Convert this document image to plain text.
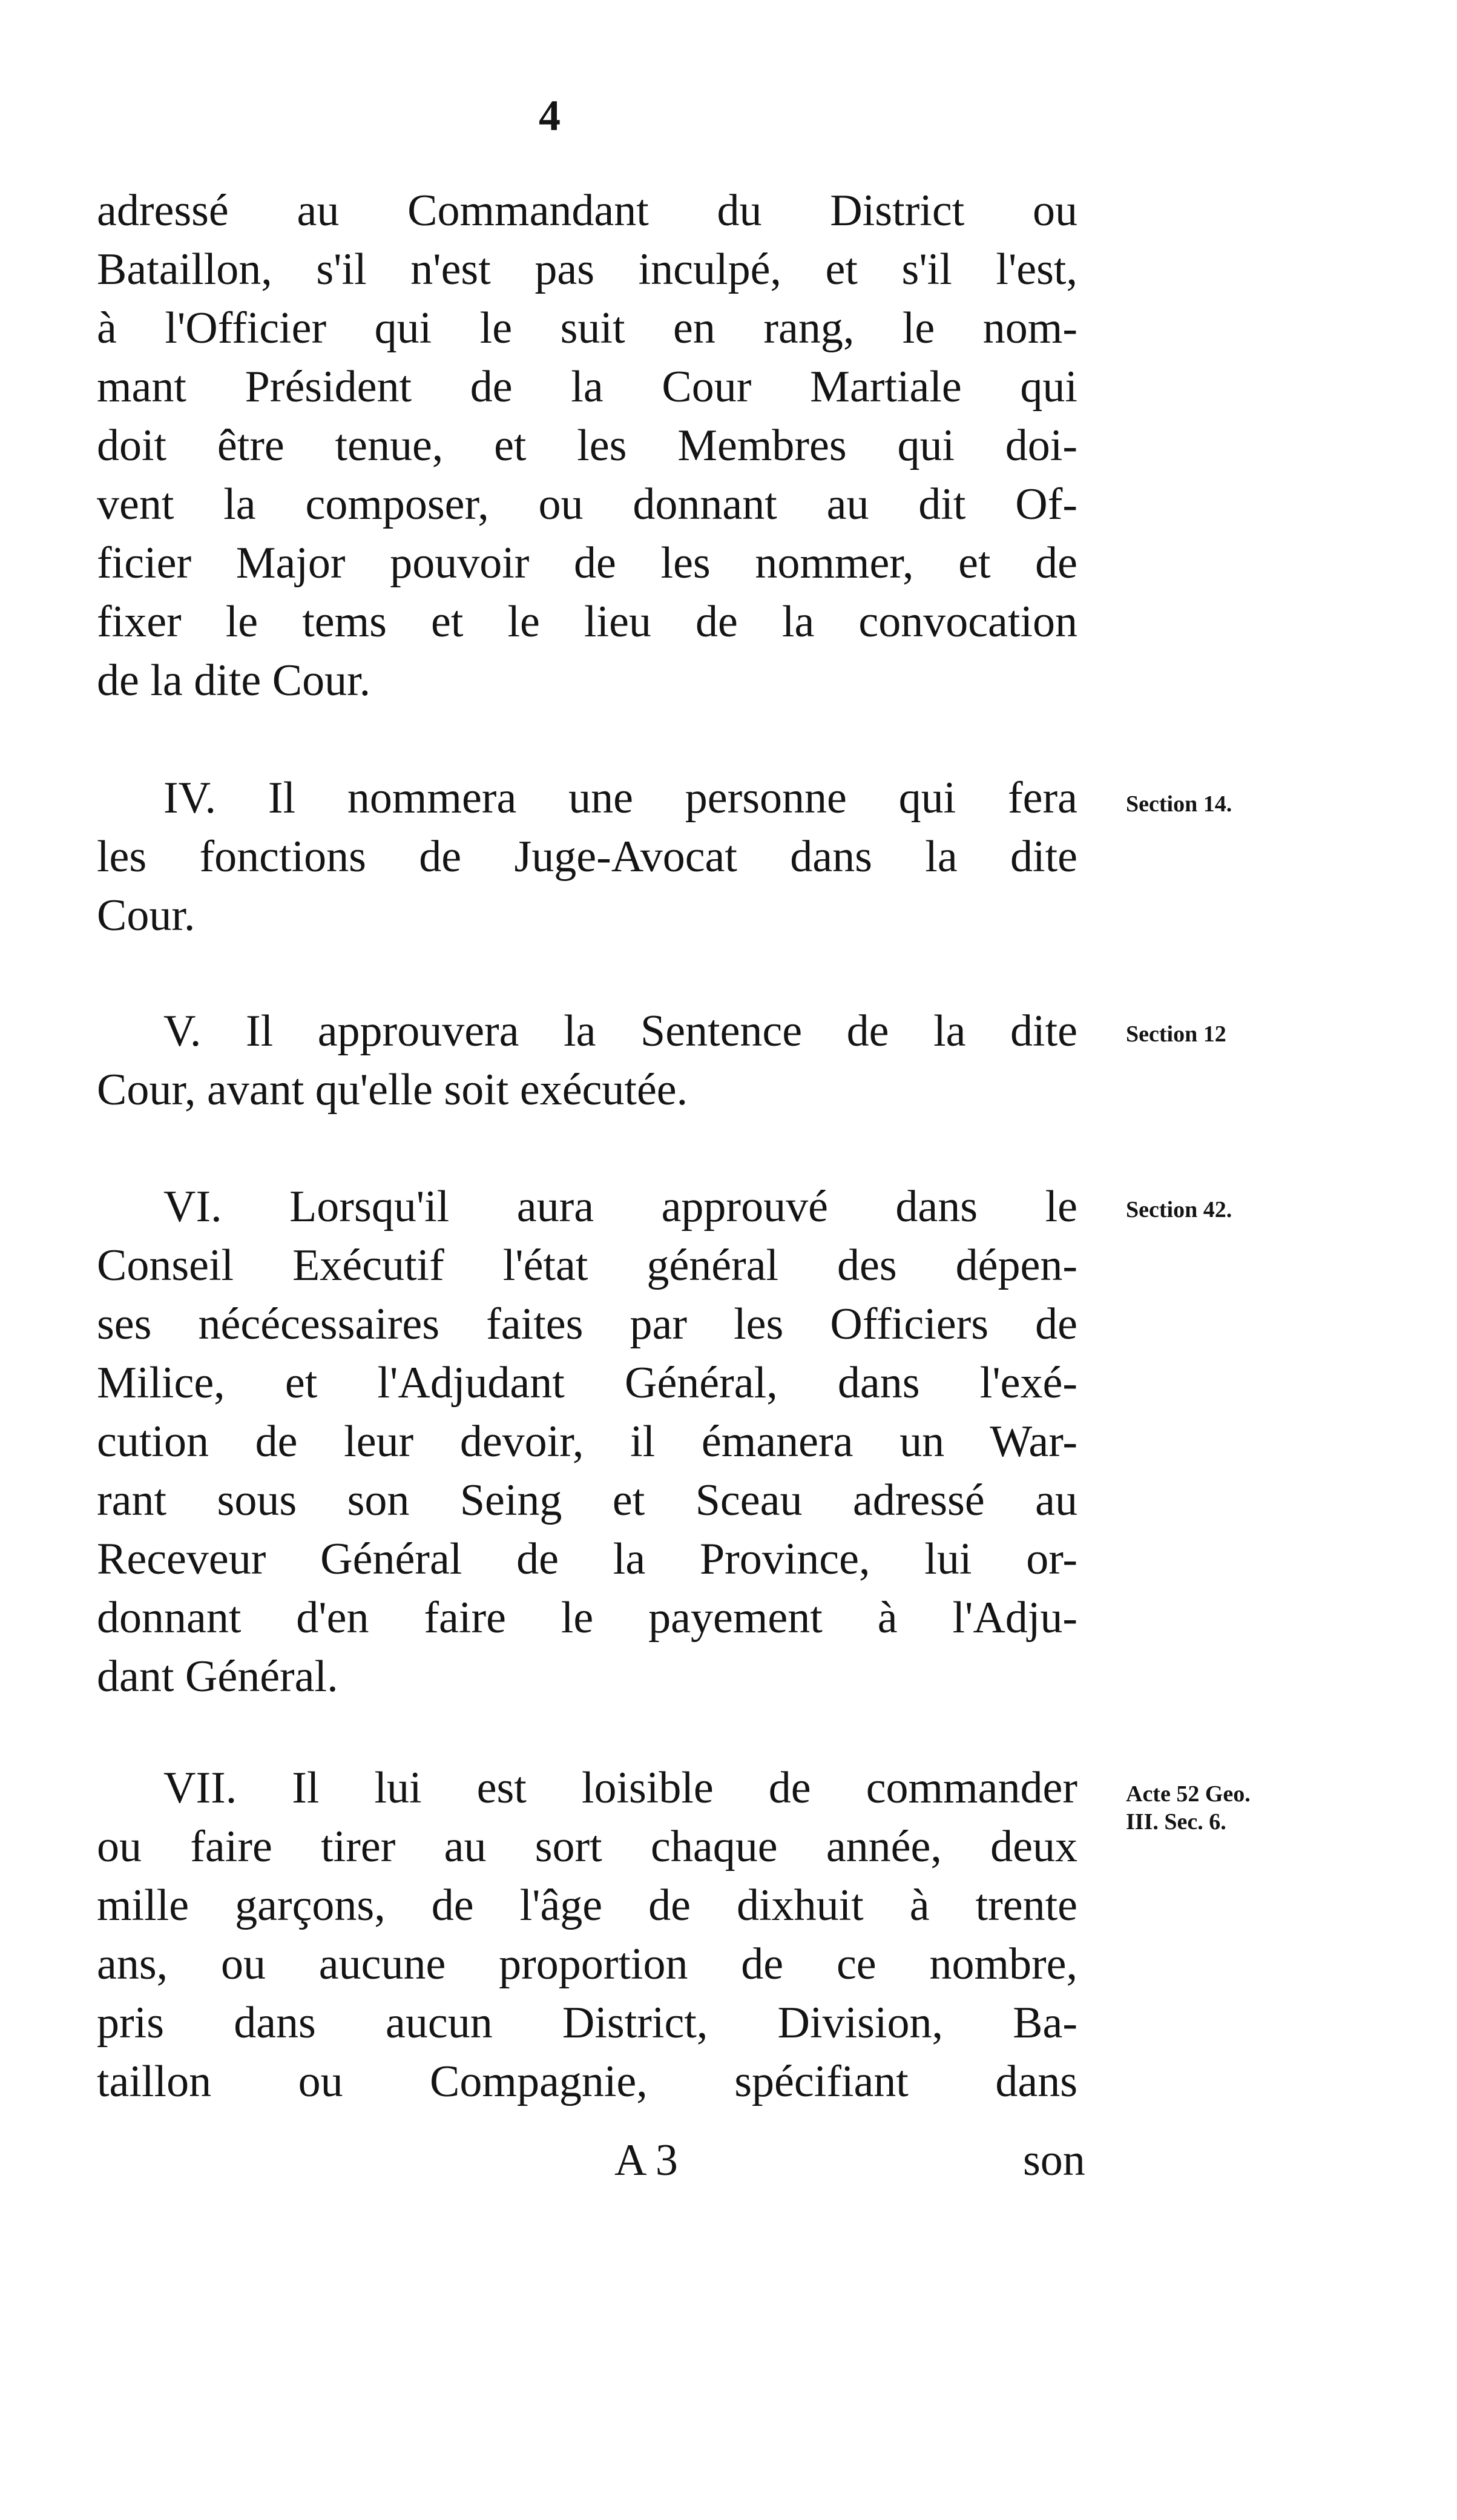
4
adressé au Commandant du District ou
Bataillon, s'il n'est pas inculpé, et s'il l'est,
à l'Officier qui le suit en rang, le nom-
mant Président de la Cour Martiale qui
doit être tenue, et les Membres qui doi-
vent la composer, ou donnant au dit Of-
ficier Major pouvoir de les nommer, et de
fixer le tems et le lieu de la convocation
de la dite Cour.
IV. Il nommera une personne qui fera
les fonctions de Juge-Avocat dans la dite
Cour.
Section 14.
V. Il approuvera la Sentence de la dite
Cour, avant qu'elle soit exécutée.
Section 12
VI. Lorsqu'il aura approuvé dans le
Conseil Exécutif l'état général des dépen-
ses nécécessaires faites par les Officiers de
Milice, et l'Adjudant Général, dans l'exé-
cution de leur devoir, il émanera un War-
rant sous son Seing et Sceau adressé au
Receveur Général de la Province, lui or-
donnant d'en faire le payement à l'Adju-
dant Général.
Section 42.
VII. Il lui est loisible de commander
ou faire tirer au sort chaque année, deux
mille garçons, de l'âge de dixhuit à trente
ans, ou aucune proportion de ce nombre,
pris dans aucun District, Division, Ba-
taillon ou Compagnie, spécifiant dans
Acte 52 Geo.
III. Sec. 6.
A 3	son
